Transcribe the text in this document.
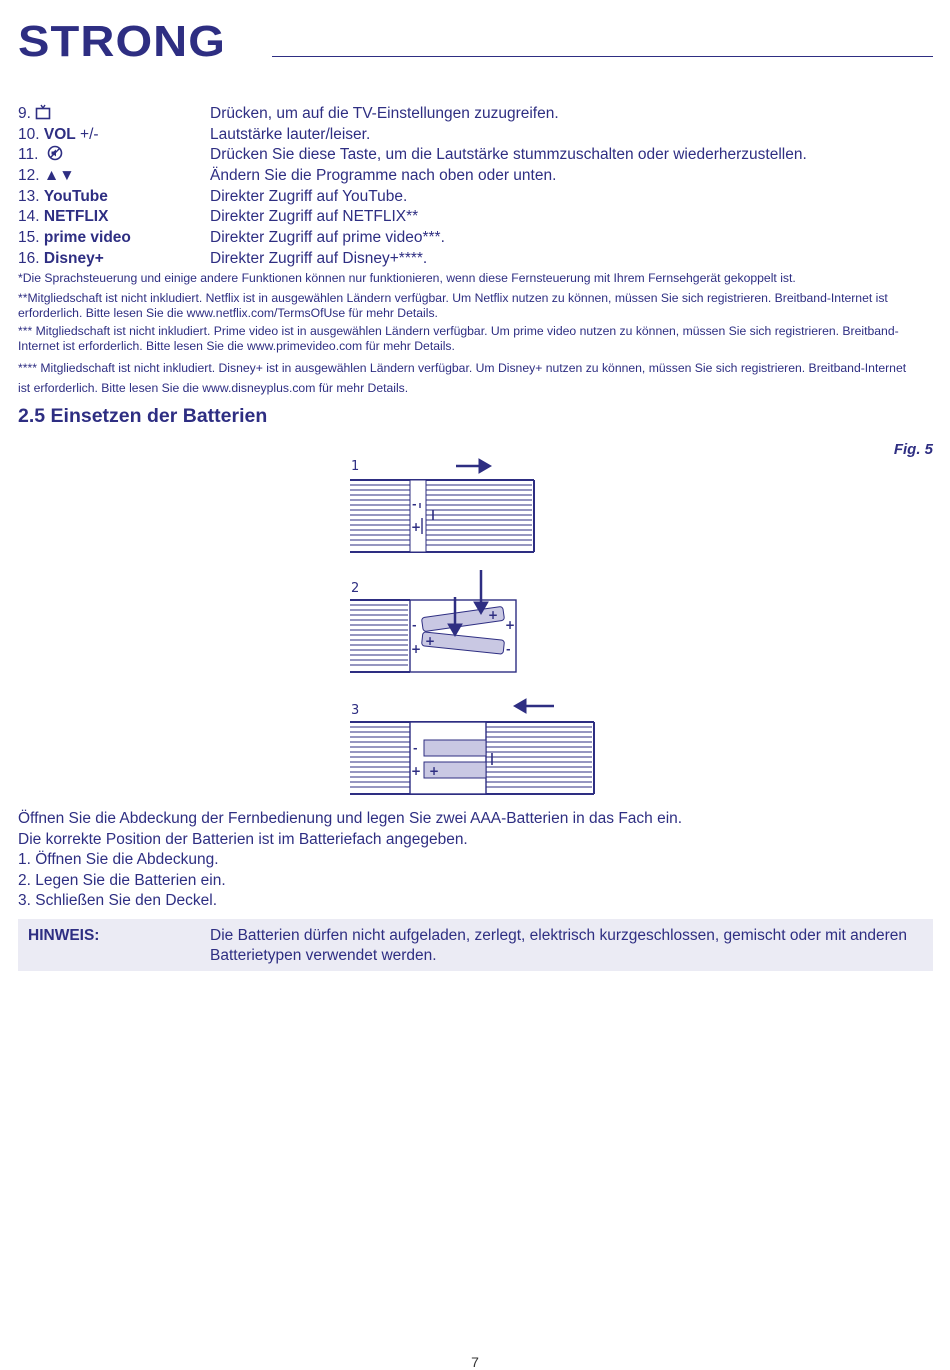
STRONG
9.	Drücken, um auf die TV-Einstellungen zuzugreifen.
10. VOL +/-	Lautstärke lauter/leiser.
11.	Drücken Sie diese Taste, um die Lautstärke stummzuschalten oder wiederherzustellen.
12. ▲▼	Ändern Sie die Programme nach oben oder unten.
13. YouTube	Direkter Zugriff auf YouTube.
14. NETFLIX	Direkter Zugriff auf NETFLIX**
15. prime video	Direkter Zugriff auf prime video***.
16. Disney+	Direkter Zugriff auf Disney+****.

*Die Sprachsteuerung und einige andere Funktionen können nur funktionieren, wenn diese Fernsteuerung mit Ihrem Fernsehgerät gekoppelt ist.

**Mitgliedschaft ist nicht inkludiert. Netflix ist in ausgewählen Ländern verfügbar. Um Netflix nutzen zu können, müssen Sie sich registrieren. Breitband-Internet ist erforderlich. Bitte lesen Sie die www.netflix.com/TermsOfUse für mehr Details.

*** Mitgliedschaft ist nicht inkludiert. Prime video ist in ausgewählen Ländern verfügbar. Um prime video nutzen zu können, müssen Sie sich registrieren. Breitband-Internet ist erforderlich. Bitte lesen Sie die www.primevideo.com für mehr Details.

**** Mitgliedschaft ist nicht inkludiert. Disney+ ist in ausgewählen Ländern verfügbar. Um Disney+ nutzen zu können, müssen Sie sich registrieren. Breitband-Internet ist erforderlich. Bitte lesen Sie die www.disneyplus.com für mehr Details.

2.5 Einsetzen der Batterien
Fig. 5
1
2
3
-
+
-
+
+
-
+
+
-
+ +

Öffnen Sie die Abdeckung der Fernbedienung und legen Sie zwei AAA-Batterien in das Fach ein.

Die korrekte Position der Batterien ist im Batteriefach angegeben.

1. Öffnen Sie die Abdeckung.

2. Legen Sie die Batterien ein.

3. Schließen Sie den Deckel.

HINWEIS:	Die Batterien dürfen nicht aufgeladen, zerlegt, elektrisch kurzgeschlossen, gemischt oder mit anderen Batterietypen verwendet werden.
7
